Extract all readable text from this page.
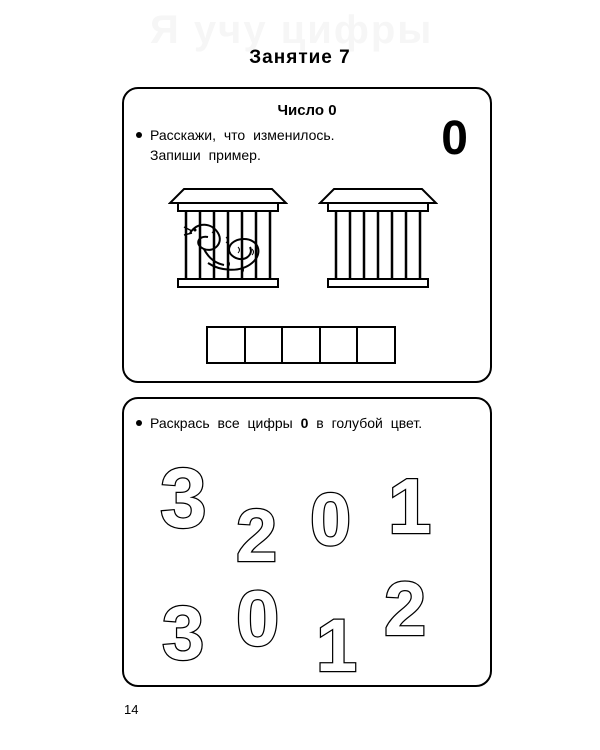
Я учу цифры
Занятие 7
Число 0
Расскажи, что изменилось.
Запиши пример.	0
Раскрась все цифры 0 в голубой цвет.
3 2 0 1
3 0 1 2
14
